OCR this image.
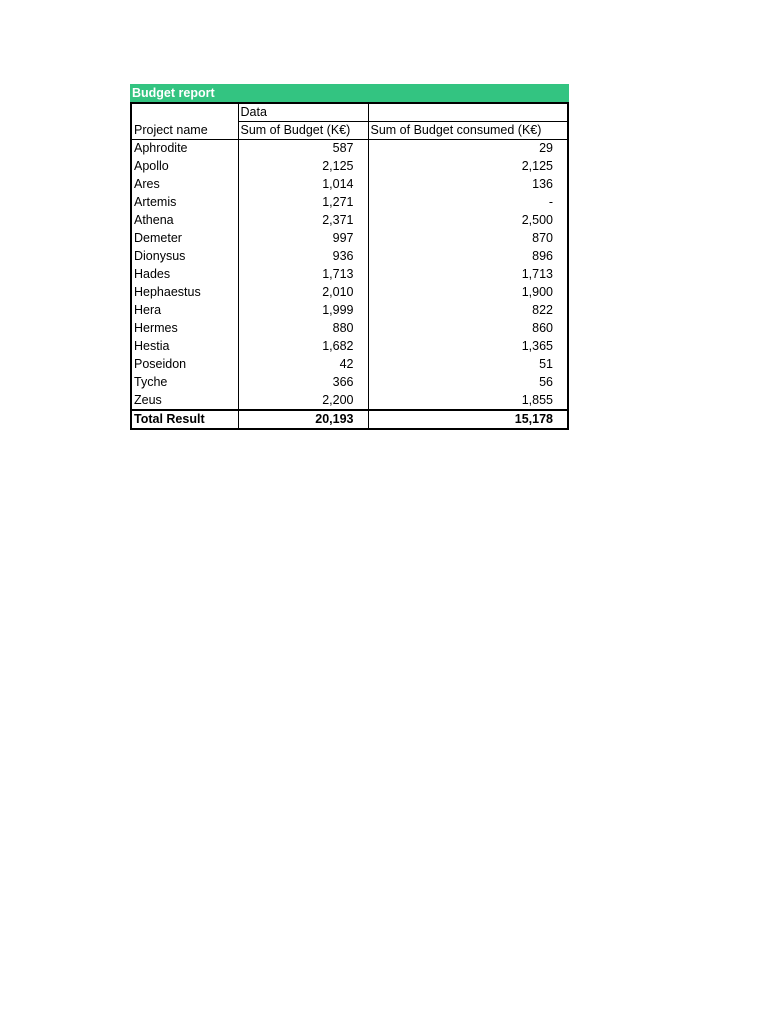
Budget report
	Data	
Project name	Sum of Budget (K€)	Sum of Budget consumed (K€)
Aphrodite	587	29
Apollo	2,125	2,125
Ares	1,014	136
Artemis	1,271	-
Athena	2,371	2,500
Demeter	997	870
Dionysus	936	896
Hades	1,713	1,713
Hephaestus	2,010	1,900
Hera	1,999	822
Hermes	880	860
Hestia	1,682	1,365
Poseidon	42	51
Tyche	366	56
Zeus	2,200	1,855
Total Result	20,193	15,178
